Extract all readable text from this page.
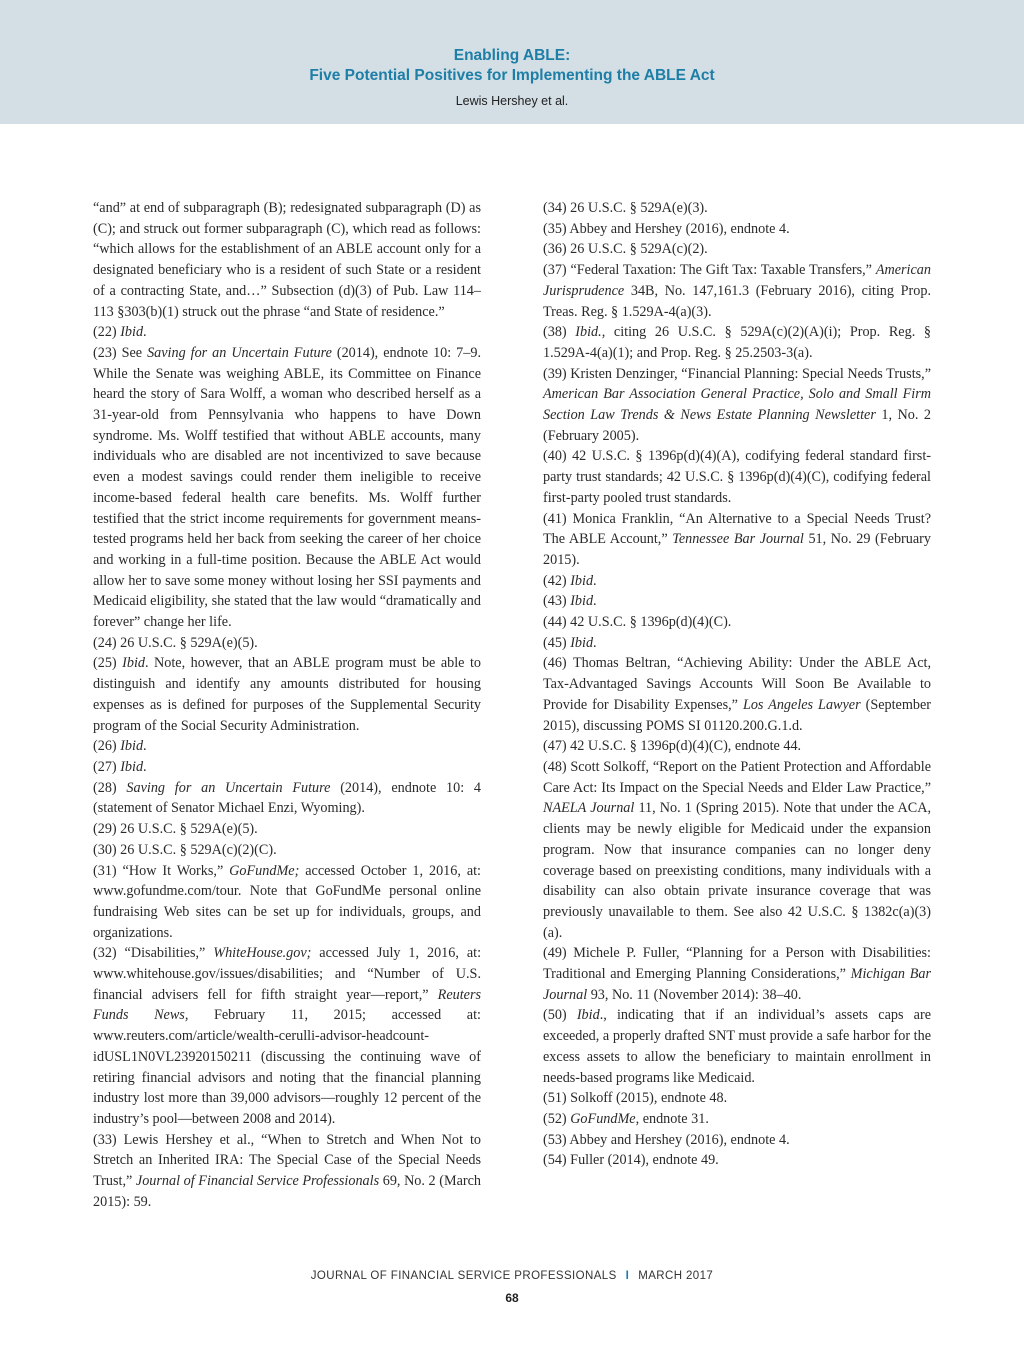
Enabling ABLE:
Five Potential Positives for Implementing the ABLE Act
Lewis Hershey et al.

“and” at end of subparagraph (B); redesignated subparagraph (D) as (C); and struck out former subparagraph (C), which read as follows: “which allows for the establishment of an ABLE account only for a designated beneficiary who is a resident of such State or a resident of a contracting State, and…” Subsection (d)(3) of Pub. Law 114–113 §303(b)(1) struck out the phrase “and State of residence.”

(22) Ibid.

(23) See Saving for an Uncertain Future (2014), endnote 10: 7–9. While the Senate was weighing ABLE, its Committee on Finance heard the story of Sara Wolff, a woman who described herself as a 31-year-old from Pennsylvania who happens to have Down syndrome. Ms. Wolff testified that without ABLE accounts, many individuals who are disabled are not incentivized to save because even a modest savings could render them ineligible to receive income-based federal health care benefits. Ms. Wolff further testified that the strict income requirements for government means-tested programs held her back from seeking the career of her choice and working in a full-time position. Because the ABLE Act would allow her to save some money without losing her SSI payments and Medicaid eligibility, she stated that the law would “dramatically and forever” change her life.

(24) 26 U.S.C. § 529A(e)(5).

(25) Ibid. Note, however, that an ABLE program must be able to distinguish and identify any amounts distributed for housing expenses as is defined for purposes of the Supplemental Security program of the Social Security Administration.

(26) Ibid.

(27) Ibid.

(28) Saving for an Uncertain Future (2014), endnote 10: 4 (statement of Senator Michael Enzi, Wyoming).

(29) 26 U.S.C. § 529A(e)(5).

(30) 26 U.S.C. § 529A(c)(2)(C).

(31) “How It Works,” GoFundMe; accessed October 1, 2016, at: www.gofundme.com/tour. Note that GoFundMe personal online fundraising Web sites can be set up for individuals, groups, and organizations.

(32) “Disabilities,” WhiteHouse.gov; accessed July 1, 2016, at: www.whitehouse.gov/issues/disabilities; and “Number of U.S. financial advisers fell for fifth straight year—report,” Reuters Funds News, February 11, 2015; accessed at: www.reuters.com/article/wealth-cerulli-advisor-headcount-idUSL1N0VL23920150211 (discussing the continuing wave of retiring financial advisors and noting that the financial planning industry lost more than 39,000 advisors—roughly 12 percent of the industry’s pool—between 2008 and 2014).

(33) Lewis Hershey et al., “When to Stretch and When Not to Stretch an Inherited IRA: The Special Case of the Special Needs Trust,” Journal of Financial Service Professionals 69, No. 2 (March 2015): 59.

(34) 26 U.S.C. § 529A(e)(3).

(35) Abbey and Hershey (2016), endnote 4.

(36) 26 U.S.C. § 529A(c)(2).

(37) “Federal Taxation: The Gift Tax: Taxable Transfers,” American Jurisprudence 34B, No. 147,161.3 (February 2016), citing Prop. Treas. Reg. § 1.529A-4(a)(3).

(38) Ibid., citing 26 U.S.C. § 529A(c)(2)(A)(i); Prop. Reg. § 1.529A-4(a)(1); and Prop. Reg. § 25.2503-3(a).

(39) Kristen Denzinger, “Financial Planning: Special Needs Trusts,” American Bar Association General Practice, Solo and Small Firm Section Law Trends & News Estate Planning Newsletter 1, No. 2 (February 2005).

(40) 42 U.S.C. § 1396p(d)(4)(A), codifying federal standard first-party trust standards; 42 U.S.C. § 1396p(d)(4)(C), codifying federal first-party pooled trust standards.

(41) Monica Franklin, “An Alternative to a Special Needs Trust? The ABLE Account,” Tennessee Bar Journal 51, No. 29 (February 2015).

(42) Ibid.

(43) Ibid.

(44) 42 U.S.C. § 1396p(d)(4)(C).

(45) Ibid.

(46) Thomas Beltran, “Achieving Ability: Under the ABLE Act, Tax-Advantaged Savings Accounts Will Soon Be Available to Provide for Disability Expenses,” Los Angeles Lawyer (September 2015), discussing POMS SI 01120.200.G.1.d.

(47) 42 U.S.C. § 1396p(d)(4)(C), endnote 44.

(48) Scott Solkoff, “Report on the Patient Protection and Affordable Care Act: Its Impact on the Special Needs and Elder Law Practice,” NAELA Journal 11, No. 1 (Spring 2015). Note that under the ACA, clients may be newly eligible for Medicaid under the expansion program. Now that insurance companies can no longer deny coverage based on preexisting conditions, many individuals with a disability can also obtain private insurance coverage that was previously unavailable to them. See also 42 U.S.C. § 1382c(a)(3)(a).

(49) Michele P. Fuller, “Planning for a Person with Disabilities: Traditional and Emerging Planning Considerations,” Michigan Bar Journal 93, No. 11 (November 2014): 38–40.

(50) Ibid., indicating that if an individual’s assets caps are exceeded, a properly drafted SNT must provide a safe harbor for the excess assets to allow the beneficiary to maintain enrollment in needs-based programs like Medicaid.

(51) Solkoff (2015), endnote 48.

(52) GoFundMe, endnote 31.

(53) Abbey and Hershey (2016), endnote 4.

(54) Fuller (2014), endnote 49.

JOURNAL OF FINANCIAL SERVICE PROFESSIONALS I MARCH 2017
68
